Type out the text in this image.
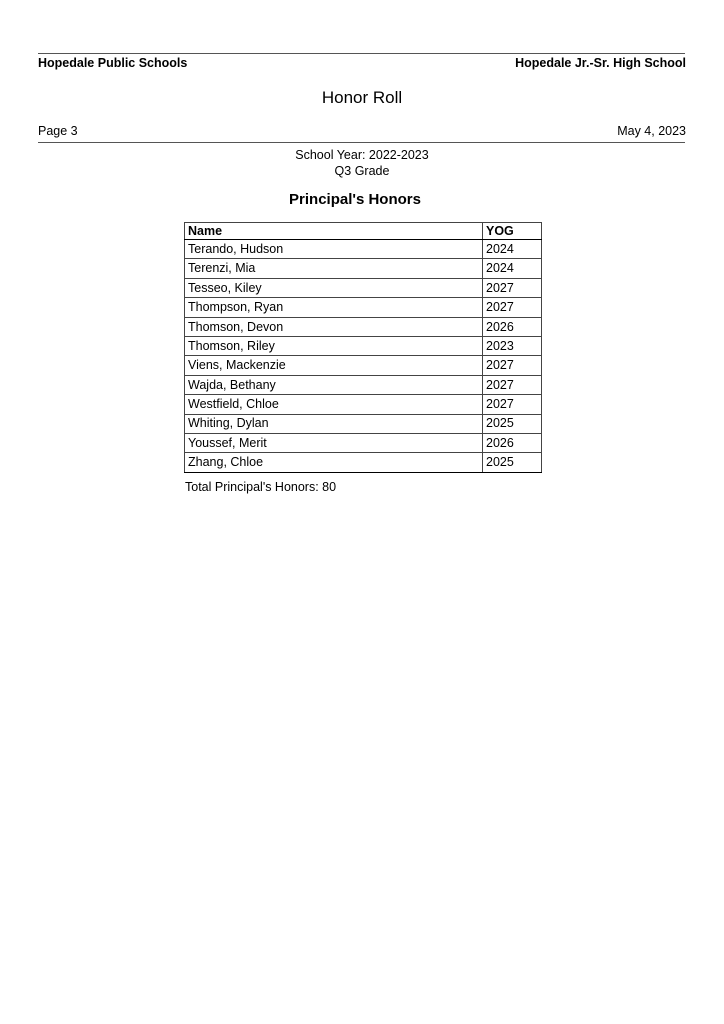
Hopedale Public Schools	Hopedale Jr.-Sr. High School
Honor Roll
Page 3	May 4, 2023
School Year: 2022-2023
Q3 Grade
Principal's Honors
Name	YOG
Terando, Hudson	2024
Terenzi, Mia	2024
Tesseo, Kiley	2027
Thompson, Ryan	2027
Thomson, Devon	2026
Thomson, Riley	2023
Viens, Mackenzie	2027
Wajda, Bethany	2027
Westfield, Chloe	2027
Whiting, Dylan	2025
Youssef, Merit	2026
Zhang, Chloe	2025
Total Principal's Honors: 80
